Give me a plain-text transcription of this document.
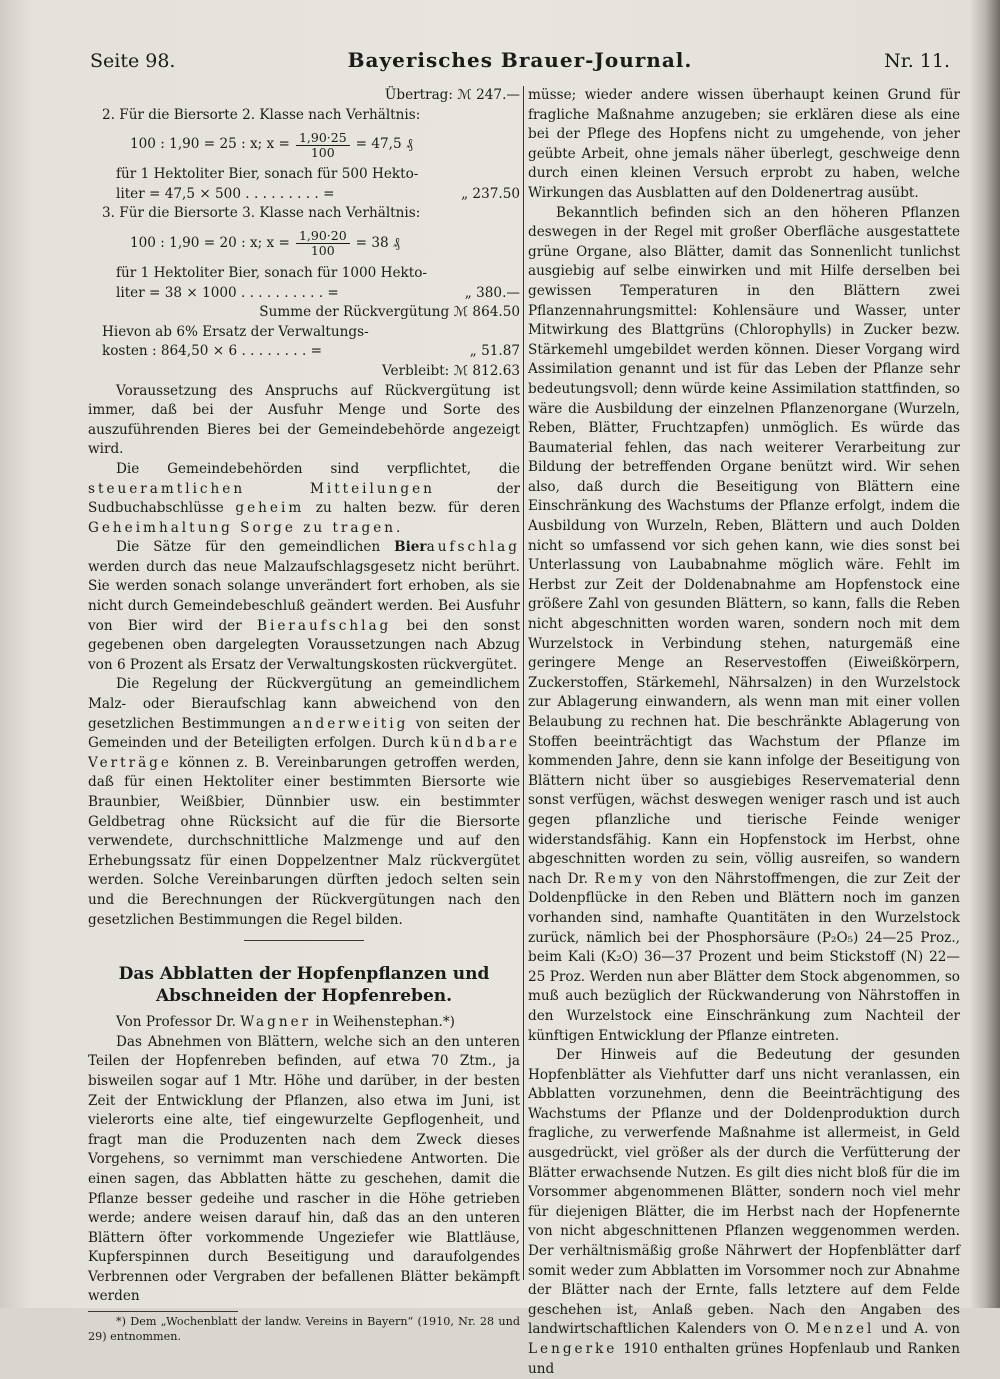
Seite 98.	Bayerisches Brauer-Journal.	Nr. 11.
Übertrag: ℳ 247.—
2. Für die Biersorte 2. Klasse nach Verhältnis:
100 : 1,90 = 25 : x; $x = \frac{1,90\cdot 25}{100} = 47,5$ ₰
für 1 Hektoliter Bier, sonach für 500 Hekto-
liter = 47,5 × 500 . . . . . . . . . =	„ 237.50
3. Für die Biersorte 3. Klasse nach Verhältnis:
100 : 1,90 = 20 : x; $x = \frac{1,90\cdot 20}{100} = 38$ ₰
für 1 Hektoliter Bier, sonach für 1000 Hekto-
liter = 38 × 1000 . . . . . . . . . . =	„ 380.—
Summe der Rückvergütung ℳ 864.50
Hievon ab 6% Ersatz der Verwaltungs-
kosten : 864,50 × 6 . . . . . . . . =	„ 51.87
Verbleibt: ℳ 812.63

Voraussetzung des Anspruchs auf Rückvergütung ist immer, daß bei der Ausfuhr Menge und Sorte des auszuführenden Bieres bei der Gemeindebehörde angezeigt wird.

Die Gemeindebehörden sind verpflichtet, die steueramtlichen Mitteilungen	der Sudbuchabschlüsse geheim zu halten bezw. für deren Geheimhaltung Sorge zu tragen.

Die Sätze für den gemeindlichen Bieraufschlag werden durch das neue Malzaufschlagsgesetz nicht berührt. Sie werden sonach solange unverändert fort erhoben, als sie nicht durch Gemeindebeschluß geändert werden. Bei Ausfuhr von Bier wird der Bieraufschlag bei den sonst gegebenen oben dargelegten Voraussetzungen nach Abzug von 6 Prozent als Ersatz der Verwaltungskosten rückvergütet.

Die Regelung der Rückvergütung an gemeindlichem Malz- oder Bieraufschlag kann abweichend von den gesetzlichen Bestimmungen anderweitig von seiten der Gemeinden und der Beteiligten erfolgen. Durch kündbare Verträge können z. B. Vereinbarungen getroffen werden, daß für einen Hektoliter einer bestimmten Biersorte wie Braunbier, Weißbier, Dünnbier usw. ein bestimmter Geldbetrag ohne Rücksicht auf die für die Biersorte verwendete, durchschnittliche Malzmenge und auf den Erhebungssatz für einen Doppelzentner Malz rückvergütet werden. Solche Vereinbarungen dürften jedoch selten sein und die Berechnungen der Rückvergütungen nach den gesetzlichen Bestimmungen die Regel bilden.

Das Abblatten der Hopfenpflanzen und Abschneiden der Hopfenreben.

Von Professor Dr. Wagner in Weihenstephan.*)

Das Abnehmen von Blättern, welche sich an den unteren Teilen der Hopfenreben befinden, auf etwa 70 Ztm., ja bisweilen sogar auf 1 Mtr. Höhe und darüber, in der besten Zeit der Entwicklung der Pflanzen, also etwa im Juni, ist vielerorts eine alte, tief eingewurzelte Gepflogenheit, und fragt man die Produzenten nach dem Zweck dieses Vorgehens, so vernimmt man verschiedene Antworten. Die einen sagen, das Abblatten hätte zu geschehen, damit die Pflanze besser gedeihe und rascher in die Höhe getrieben werde; andere weisen darauf hin, daß das an den unteren Blättern öfter vorkommende Ungeziefer wie Blattläuse, Kupferspinnen durch Beseitigung und daraufolgendes Verbrennen oder Vergraben der befallenen Blätter bekämpft werden

*) Dem „Wochenblatt der landw. Vereins in Bayern“ (1910, Nr. 28 und 29) entnommen.

müsse; wieder andere wissen überhaupt keinen Grund für fragliche Maßnahme anzugeben; sie erklären diese als eine bei der Pflege des Hopfens nicht zu umgehende, von jeher geübte Arbeit, ohne jemals näher überlegt, geschweige denn durch einen kleinen Versuch erprobt zu haben, welche Wirkungen das Ausblatten auf den Doldenertrag ausübt.

Bekanntlich befinden sich an den höheren Pflanzen deswegen in der Regel mit großer Oberfläche ausgestattete grüne Organe, also Blätter, damit das Sonnenlicht tunlichst ausgiebig auf selbe einwirken und mit Hilfe derselben bei gewissen Temperaturen in den Blättern zwei Pflanzennahrungsmittel: Kohlensäure und Wasser, unter Mitwirkung des Blattgrüns (Chlorophylls) in Zucker bezw. Stärkemehl umgebildet werden können. Dieser Vorgang wird Assimilation genannt und ist für das Leben der Pflanze sehr bedeutungsvoll; denn würde keine Assimilation stattfinden, so wäre die Ausbildung der einzelnen Pflanzenorgane (Wurzeln, Reben, Blätter, Fruchtzapfen) unmöglich. Es würde das Baumaterial fehlen, das nach weiterer Verarbeitung zur Bildung der betreffenden Organe benützt wird. Wir sehen also, daß durch die Beseitigung von Blättern eine Einschränkung des Wachstums der Pflanze erfolgt, indem die Ausbildung von Wurzeln, Reben, Blättern und auch Dolden nicht so umfassend vor sich gehen kann, wie dies sonst bei Unterlassung von Laubabnahme möglich wäre. Fehlt im Herbst zur Zeit der Doldenabnahme am Hopfenstock eine größere Zahl von gesunden Blättern, so kann, falls die Reben nicht abgeschnitten worden waren, sondern noch mit dem Wurzelstock in Verbindung stehen, naturgemäß eine geringere Menge an Reservestoffen (Eiweißkörpern, Zuckerstoffen, Stärkemehl, Nährsalzen) in den Wurzelstock zur Ablagerung einwandern, als wenn man mit einer vollen Belaubung zu rechnen hat. Die beschränkte Ablagerung von Stoffen beeinträchtigt das Wachstum der Pflanze im kommenden Jahre, denn sie kann infolge der Beseitigung von Blättern nicht über so ausgiebiges Reservematerial denn sonst verfügen, wächst deswegen weniger rasch und ist auch gegen pflanzliche und tierische Feinde weniger widerstandsfähig. Kann ein Hopfenstock im Herbst, ohne abgeschnitten worden zu sein, völlig ausreifen, so wandern nach Dr. Remy von den Nährstoffmengen, die zur Zeit der Doldenpflücke in den Reben und Blättern noch im ganzen vorhanden sind, namhafte Quantitäten in den Wurzelstock zurück, nämlich bei der Phosphorsäure (P₂O₅) 24—25 Proz., beim Kali (K₂O) 36—37 Prozent und beim Stickstoff (N) 22—25 Proz. Werden nun aber Blätter dem Stock abgenommen, so muß auch bezüglich der Rückwanderung von Nährstoffen in den Wurzelstock eine Einschränkung zum Nachteil der künftigen Entwicklung der Pflanze eintreten.

Der Hinweis auf die Bedeutung der gesunden Hopfenblätter als Viehfutter darf uns nicht veranlassen, ein Abblatten vorzunehmen, denn die Beeinträchtigung des Wachstums der Pflanze und der Doldenproduktion durch fragliche, zu verwerfende Maßnahme ist allermeist, in Geld ausgedrückt, viel größer als der durch die Verfütterung der Blätter erwachsende Nutzen. Es gilt dies nicht bloß für die im Vorsommer abgenommenen Blätter, sondern noch viel mehr für diejenigen Blätter, die im Herbst nach der Hopfenernte von nicht abgeschnittenen Pflanzen weggenommen werden. Der verhältnismäßig große Nährwert der Hopfenblätter darf somit weder zum Abblatten im Vorsommer noch zur Abnahme der Blätter nach der Ernte, falls letztere auf dem Felde geschehen ist, Anlaß geben. Nach den Angaben des landwirtschaftlichen Kalenders von O. Menzel und A. von Lengerke 1910 enthalten grünes Hopfenlaub und Ranken und
